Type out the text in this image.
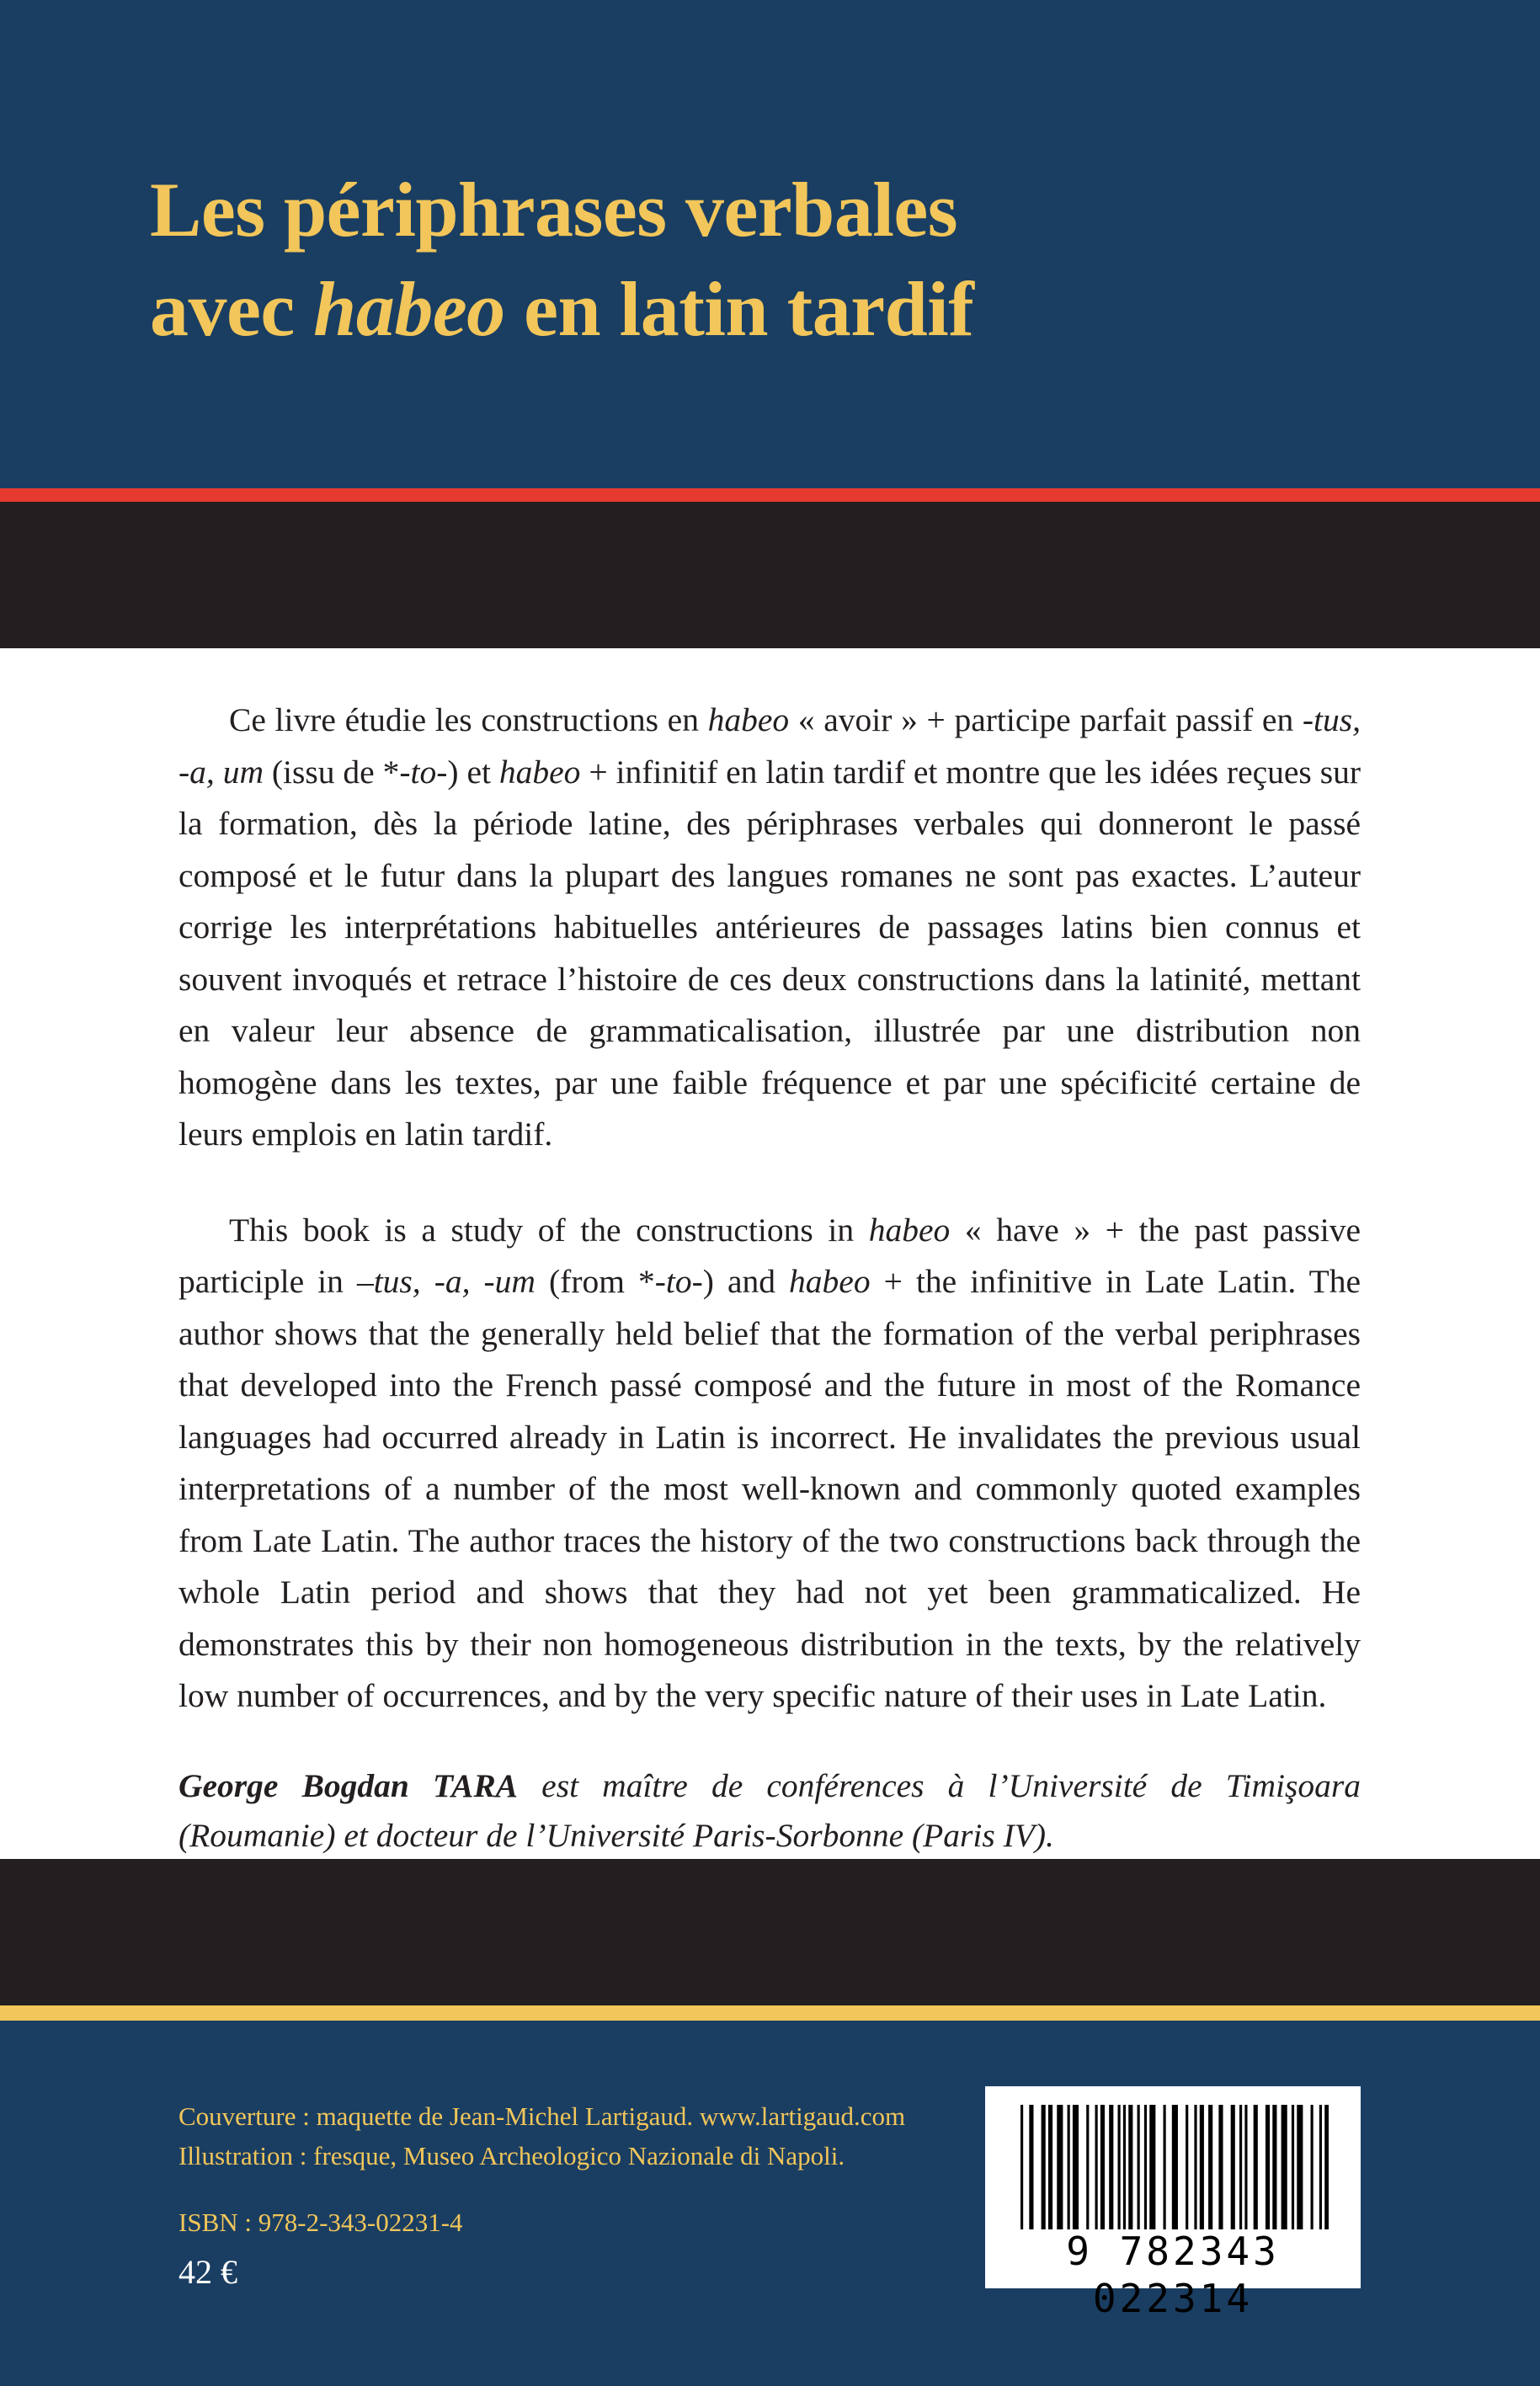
Les périphrases verbales
avec habeo en latin tardif

Ce livre étudie les constructions en habeo « avoir » + participe parfait passif en -tus, -a, um (issu de *-to-) et habeo + infinitif en latin tardif et montre que les idées reçues sur la formation, dès la période latine, des périphrases verbales qui donneront le passé composé et le futur dans la plupart des langues romanes ne sont pas exactes. L’auteur corrige les interprétations habituelles antérieures de passages latins bien connus et souvent invoqués et retrace l’histoire de ces deux constructions dans la latinité, mettant en valeur leur absence de grammaticalisation, illustrée par une distribution non homogène dans les textes, par une faible fréquence et par une spécificité certaine de leurs emplois en latin tardif.

This book is a study of the constructions in habeo « have » + the past passive participle in –tus, -a, -um (from *-to-) and habeo + the infinitive in Late Latin. The author shows that the generally held belief that the formation of the verbal periphrases that developed into the French passé composé and the future in most of the Romance languages had occurred already in Latin is incorrect. He invalidates the previous usual interpretations of a number of the most well-known and commonly quoted examples from Late Latin. The author traces the history of the two constructions back through the whole Latin period and shows that they had not yet been grammaticalized. He demonstrates this by their non homogeneous distribution in the texts, by the relatively low number of occurrences, and by the very specific nature of their uses in Late Latin.

George Bogdan TARA est maître de conférences à l’Université de Timişoara (Roumanie) et docteur de l’Université Paris-Sorbonne (Paris IV).

Couverture : maquette de Jean-Michel Lartigaud. www.lartigaud.com
Illustration : fresque, Museo Archeologico Nazionale di Napoli.
ISBN : 978-2-343-02231-4
42 €	9 782343 022314
